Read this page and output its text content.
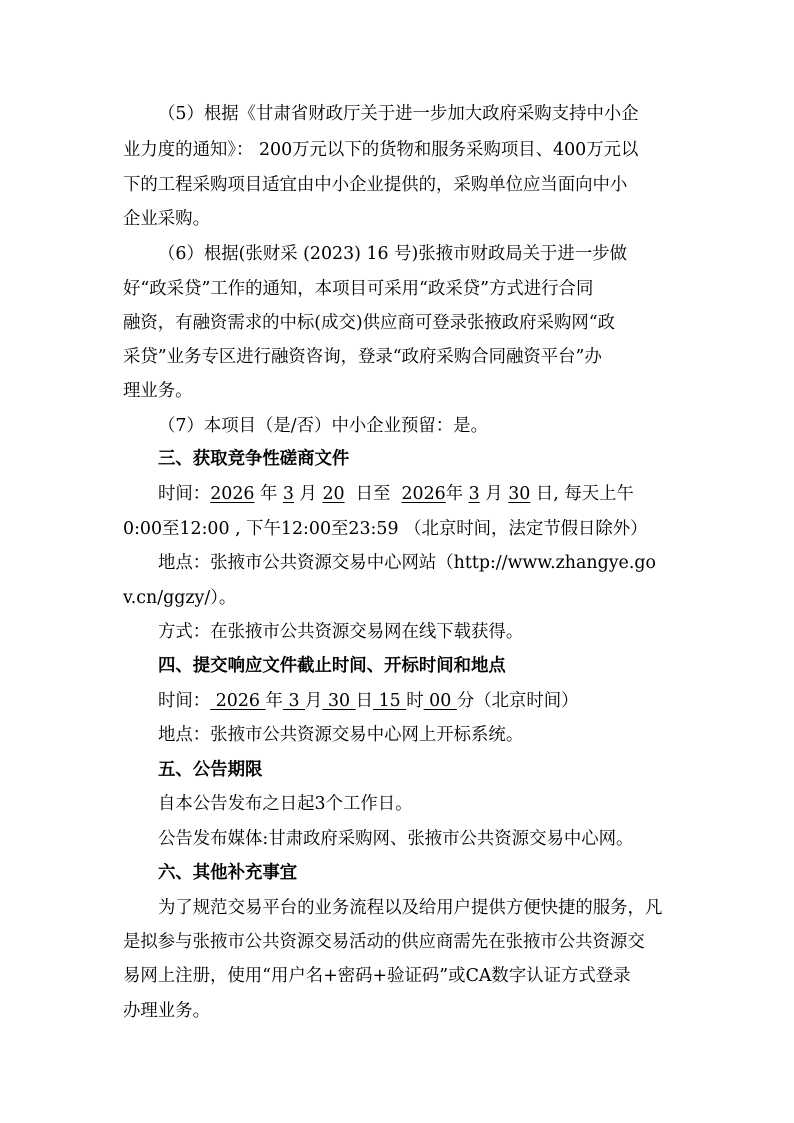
（5）根据《甘肃省财政厅关于进一步加大政府采购支持中小企
业力度的通知》： 200万元以下的货物和服务采购项目、400万元以
下的工程采购项目适宜由中小企业提供的，采购单位应当面向中小
企业采购。
（6）根据(张财采 (2023) 16 号)张掖市财政局关于进一步做
好“政采贷”工作的通知，本项目可采用“政采贷”方式进行合同
融资，有融资需求的中标(成交)供应商可登录张掖政府采购网“政
采贷”业务专区进行融资咨询，登录“政府采购合同融资平台”办
理业务。
（7）本项目（是/否）中小企业预留：是。
三、获取竞争性磋商文件
时间：2026 年 3 月 20  日至  2026年 3 月 30 日, 每天上午
0:00至12:00 , 下午12:00至23:59 （北京时间，法定节假日除外）
地点：张掖市公共资源交易中心网站（http://www.zhangye.go
v.cn/ggzy/）。
方式：在张掖市公共资源交易网在线下载获得。
四、提交响应文件截止时间、开标时间和地点
时间： 2026 年 3 月 30 日 15 时 00 分（北京时间）
地点：张掖市公共资源交易中心网上开标系统。
五、公告期限
自本公告发布之日起3个工作日。
公告发布媒体:甘肃政府采购网、张掖市公共资源交易中心网。
六、其他补充事宜
为了规范交易平台的业务流程以及给用户提供方便快捷的服务，凡
是拟参与张掖市公共资源交易活动的供应商需先在张掖市公共资源交
易网上注册，使用“用户名+密码+验证码”或CA数字认证方式登录
办理业务。
